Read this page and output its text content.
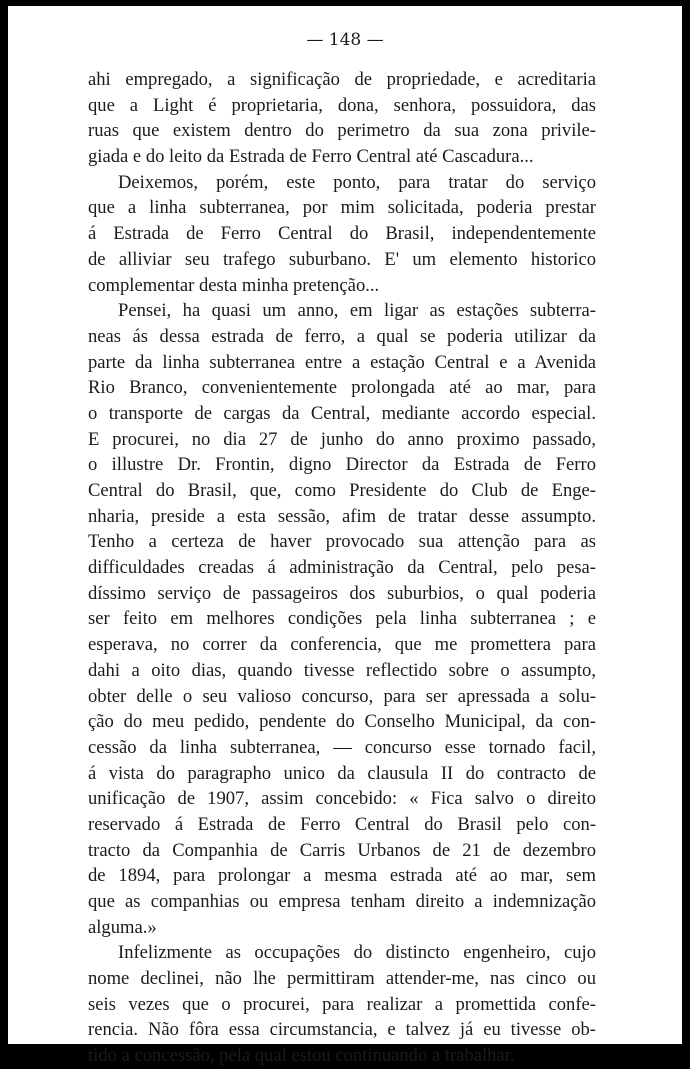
— 148 —
ahi empregado, a significação de propriedade, e acreditaria
que a Light é proprietaria, dona, senhora, possuidora, das
ruas que existem dentro do perimetro da sua zona privile-
giada e do leito da Estrada de Ferro Central até Cascadura...
Deixemos, porém, este ponto, para tratar do serviço
que a linha subterranea, por mim solicitada, poderia prestar
á Estrada de Ferro Central do Brasil, independentemente
de alliviar seu trafego suburbano. E' um elemento historico
complementar desta minha pretenção...
Pensei, ha quasi um anno, em ligar as estações subterra-
neas ás dessa estrada de ferro, a qual se poderia utilizar da
parte da linha subterranea entre a estação Central e a Avenida
Rio Branco, convenientemente prolongada até ao mar, para
o transporte de cargas da Central, mediante accordo especial.
E procurei, no dia 27 de junho do anno proximo passado,
o illustre Dr. Frontin, digno Director da Estrada de Ferro
Central do Brasil, que, como Presidente do Club de Enge-
nharia, preside a esta sessão, afim de tratar desse assumpto.
Tenho a certeza de haver provocado sua attenção para as
difficuldades creadas á administração da Central, pelo pesa-
díssimo serviço de passageiros dos suburbios, o qual poderia
ser feito em melhores condições pela linha subterranea ; e
esperava, no correr da conferencia, que me promettera para
dahi a oito dias, quando tivesse reflectido sobre o assumpto,
obter delle o seu valioso concurso, para ser apressada a solu-
ção do meu pedido, pendente do Conselho Municipal, da con-
cessão da linha subterranea, — concurso esse tornado facil,
á vista do paragrapho unico da clausula II do contracto de
unificação de 1907, assim concebido: « Fica salvo o direito
reservado á Estrada de Ferro Central do Brasil pelo con-
tracto da Companhia de Carris Urbanos de 21 de dezembro
de 1894, para prolongar a mesma estrada até ao mar, sem
que as companhias ou empresa tenham direito a indemnização
alguma.»
Infelizmente as occupações do distincto engenheiro, cujo
nome declinei, não lhe permittiram attender-me, nas cinco ou
seis vezes que o procurei, para realizar a promettida confe-
rencia. Não fôra essa circumstancia, e talvez já eu tivesse ob-
tido a concessão, pela qual estou continuando a trabalhar.
